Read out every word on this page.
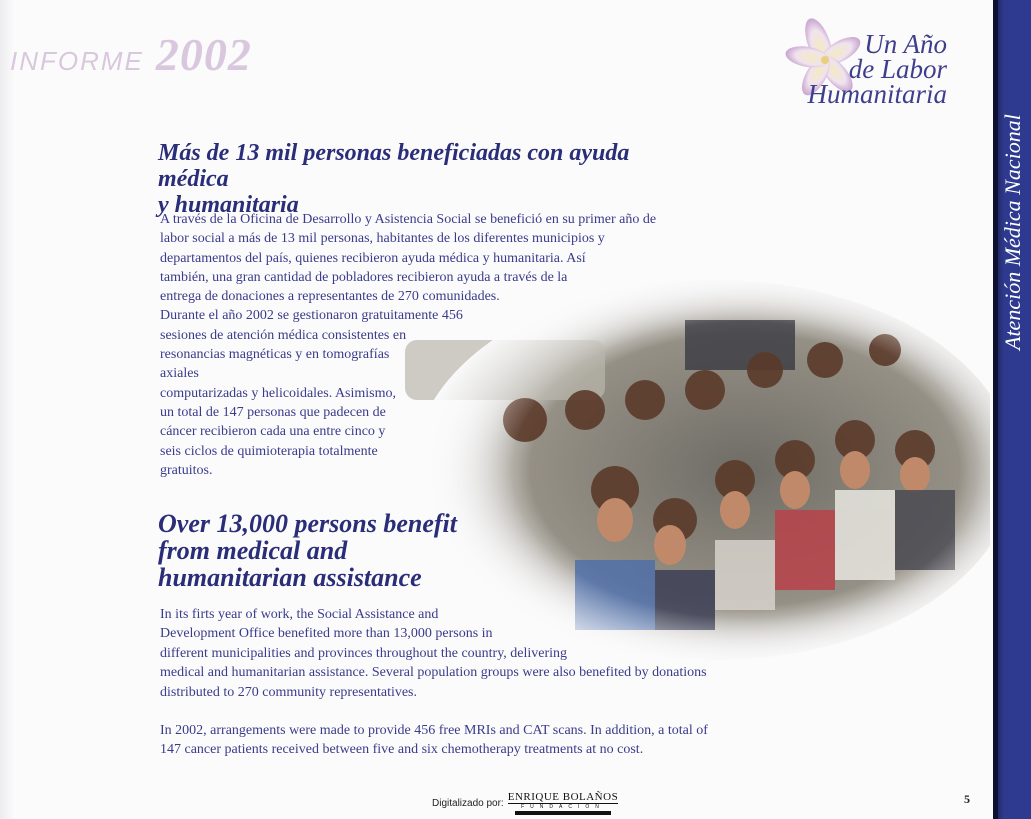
INFORME 2002	Un Año
de Labor
Humanitaria
Atención Médica Nacional
Más de 13 mil personas beneficiadas con ayuda médica
y humanitaria

A través de la Oficina de Desarrollo y Asistencia Social se benefició en su primer año de

labor social a más de 13 mil personas, habitantes de los diferentes municipios y

departamentos del país, quienes recibieron ayuda médica y humanitaria. Así

también, una gran cantidad de pobladores recibieron ayuda a través de la

entrega de donaciones a representantes de 270 comunidades.

Durante el año 2002 se gestionaron gratuitamente 456

sesiones de atención médica consistentes en

resonancias magnéticas y en tomografías axiales

computarizadas y helicoidales. Asimismo,

un total de 147 personas que padecen de

cáncer recibieron cada una entre cinco y

seis ciclos de quimioterapia totalmente

gratuitos.

Over 13,000 persons benefit
from medical and
humanitarian assistance

In its firts year of work, the Social Assistance and
Development Office benefited more than 13,000 persons in
different municipalities and provinces throughout the country, delivering
medical and humanitarian assistance. Several population groups were also benefited by donations
distributed to 270 community representatives.

In 2002, arrangements were made to provide 456 free MRIs and CAT scans. In addition, a total of
147 cancer patients received between five and six chemotherapy treatments at no cost.

Digitalizado por: ENRIQUE BOLAÑOS
FUNDACIÓN
5
